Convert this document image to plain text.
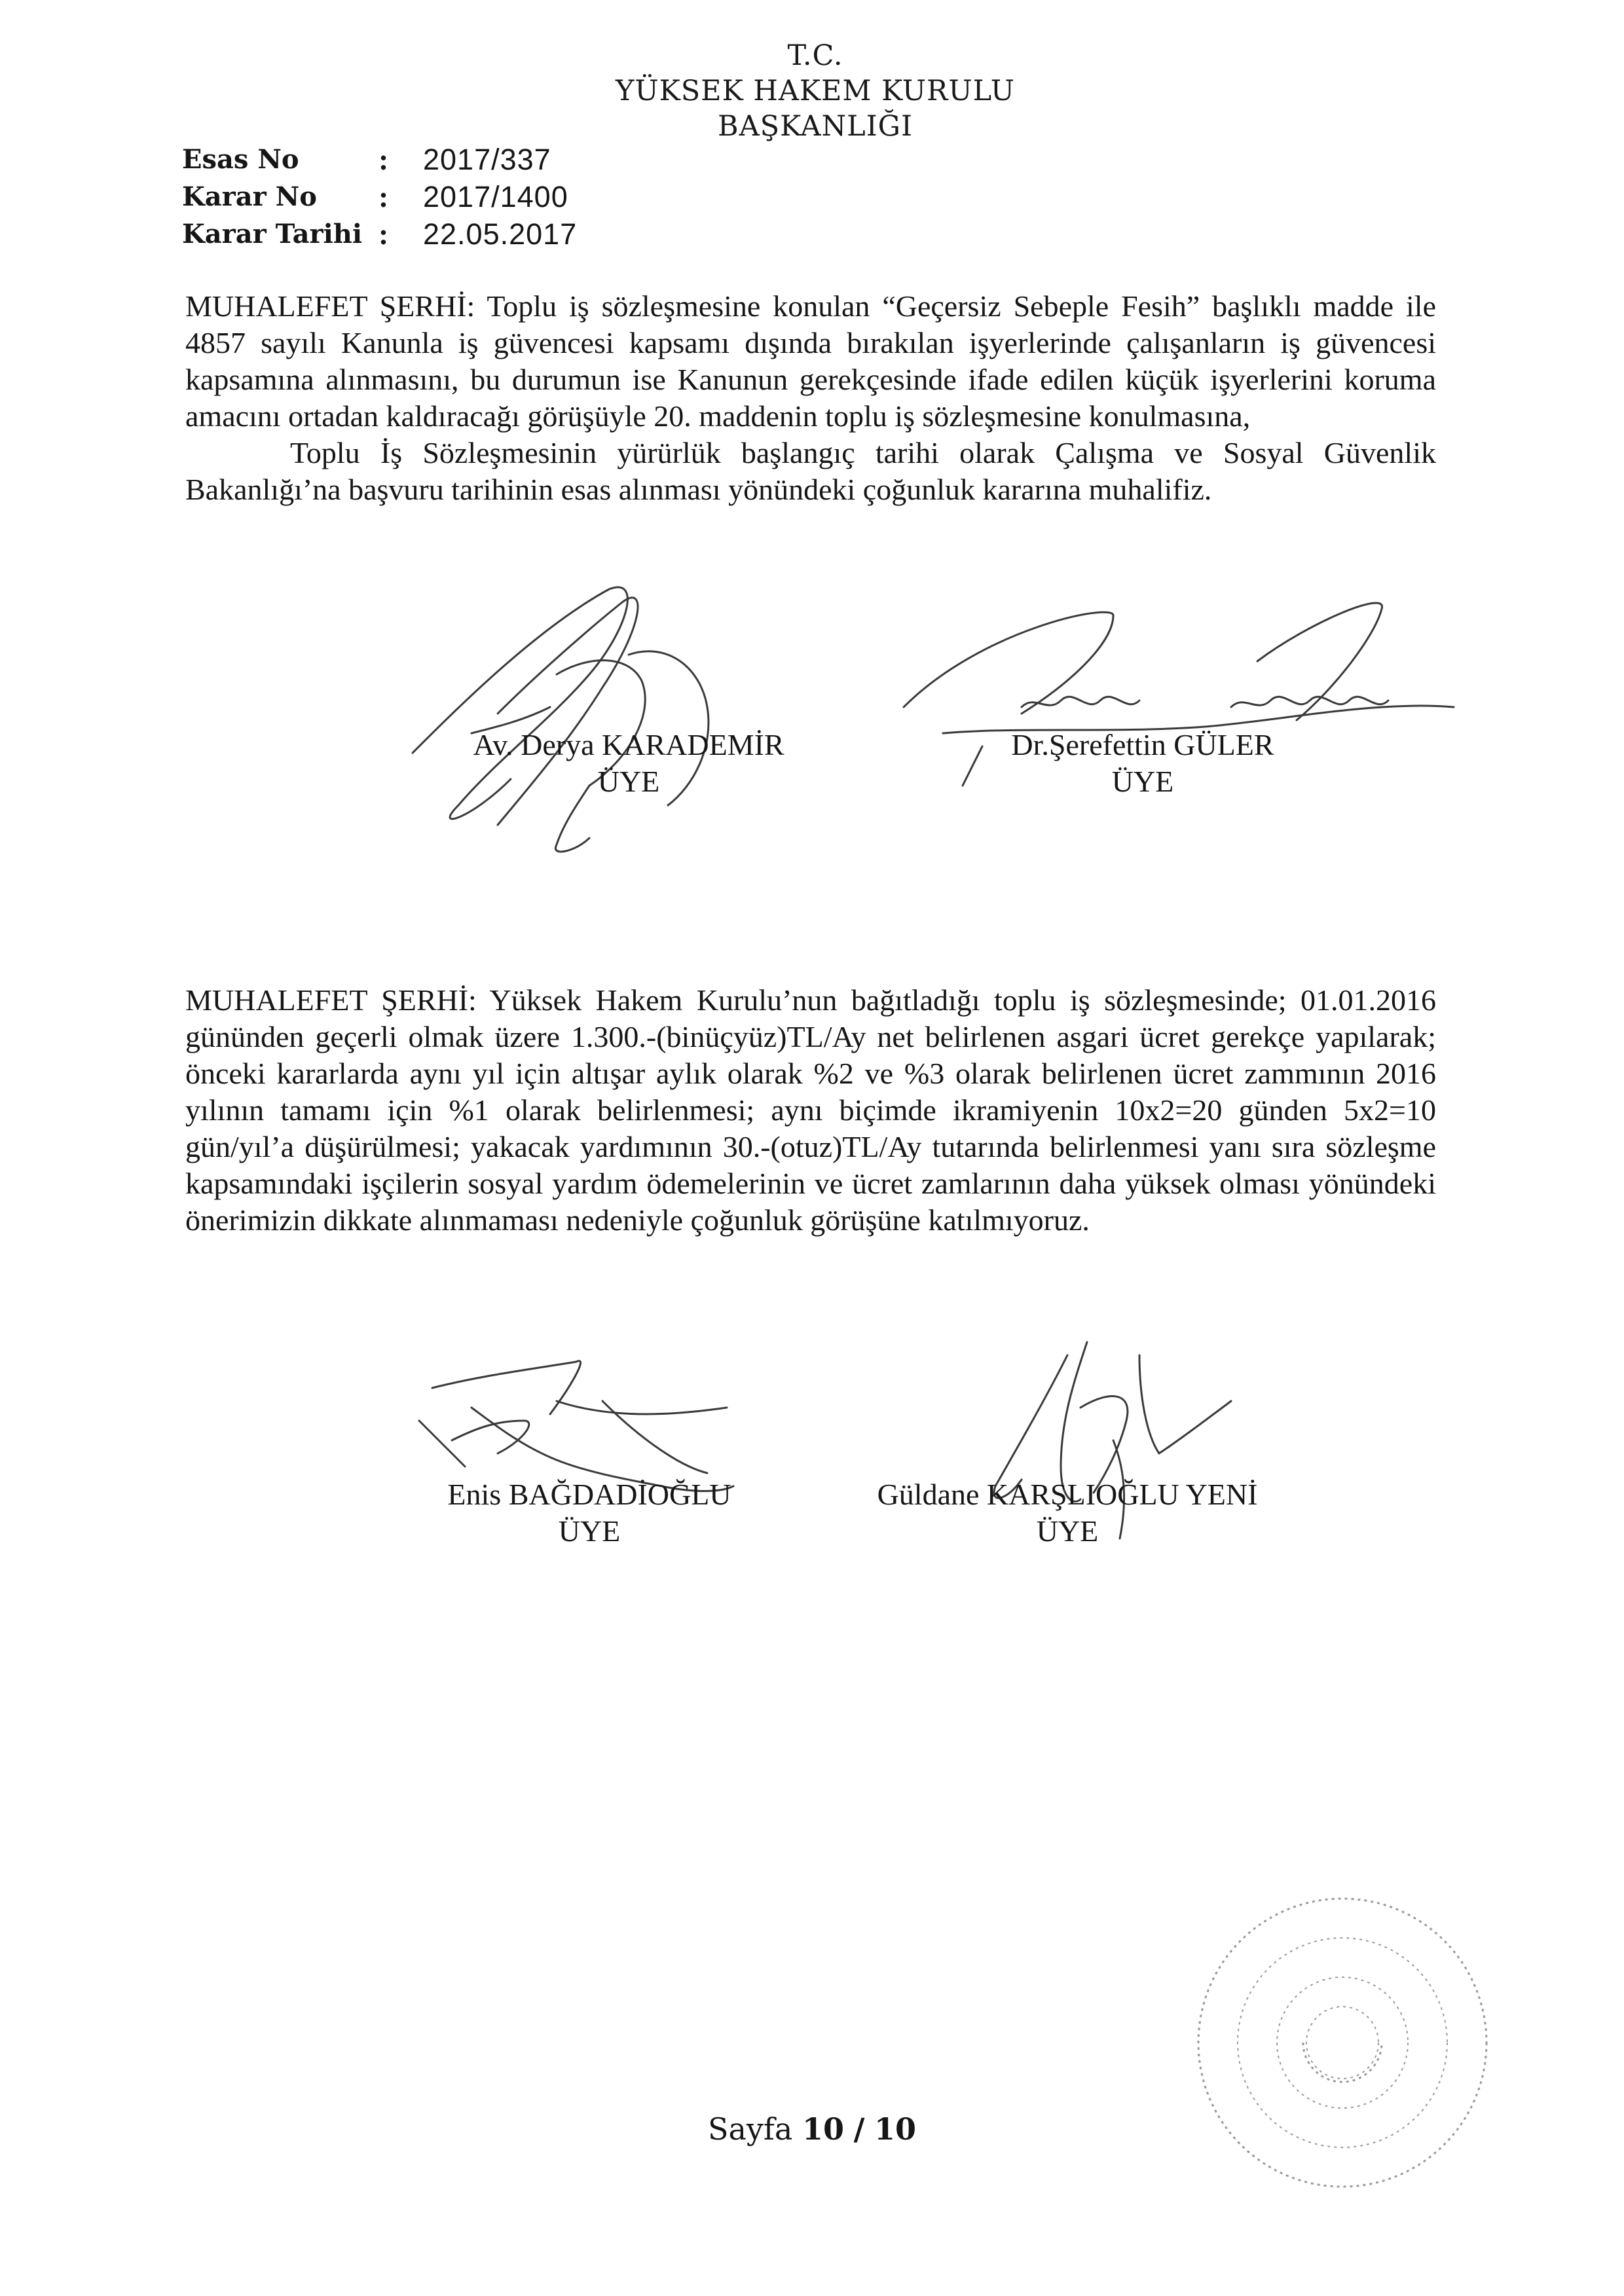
T.C.
YÜKSEK HAKEM KURULU
BAŞKANLIĞI
Esas No	:	2017/337
Karar No	:	2017/1400
Karar Tarihi :	22.05.2017

MUHALEFET ŞERHİ: Toplu iş sözleşmesine konulan “Geçersiz Sebeple Fesih” başlıklı madde ile 4857 sayılı Kanunla iş güvencesi kapsamı dışında bırakılan işyerlerinde çalışanların iş güvencesi kapsamına alınmasını, bu durumun ise Kanunun gerekçesinde ifade edilen küçük işyerlerini koruma amacını ortadan kaldıracağı görüşüyle 20. maddenin toplu iş sözleşmesine konulmasına,

Toplu İş Sözleşmesinin yürürlük başlangıç tarihi olarak Çalışma ve Sosyal Güvenlik Bakanlığı’na başvuru tarihinin esas alınması yönündeki çoğunluk kararına muhalifiz.

Av. Derya KARADEMİR
ÜYE
Dr.Şerefettin GÜLER
ÜYE

MUHALEFET ŞERHİ: Yüksek Hakem Kurulu’nun bağıtladığı toplu iş sözleşmesinde; 01.01.2016 gününden geçerli olmak üzere 1.300.-(binüçyüz)TL/Ay net belirlenen asgari ücret gerekçe yapılarak; önceki kararlarda aynı yıl için altışar aylık olarak %2 ve %3 olarak belirlenen ücret zammının 2016 yılının tamamı için %1 olarak belirlenmesi; aynı biçimde ikramiyenin 10x2=20 günden 5x2=10 gün/yıl’a düşürülmesi; yakacak yardımının 30.-(otuz)TL/Ay tutarında belirlenmesi yanı sıra sözleşme kapsamındaki işçilerin sosyal yardım ödemelerinin ve ücret zamlarının daha yüksek olması yönündeki önerimizin dikkate alınmaması nedeniyle çoğunluk görüşüne katılmıyoruz.

Enis BAĞDADİOĞLU
ÜYE
Güldane KARŞLIOĞLU YENİ
ÜYE
Sayfa 10 / 10
